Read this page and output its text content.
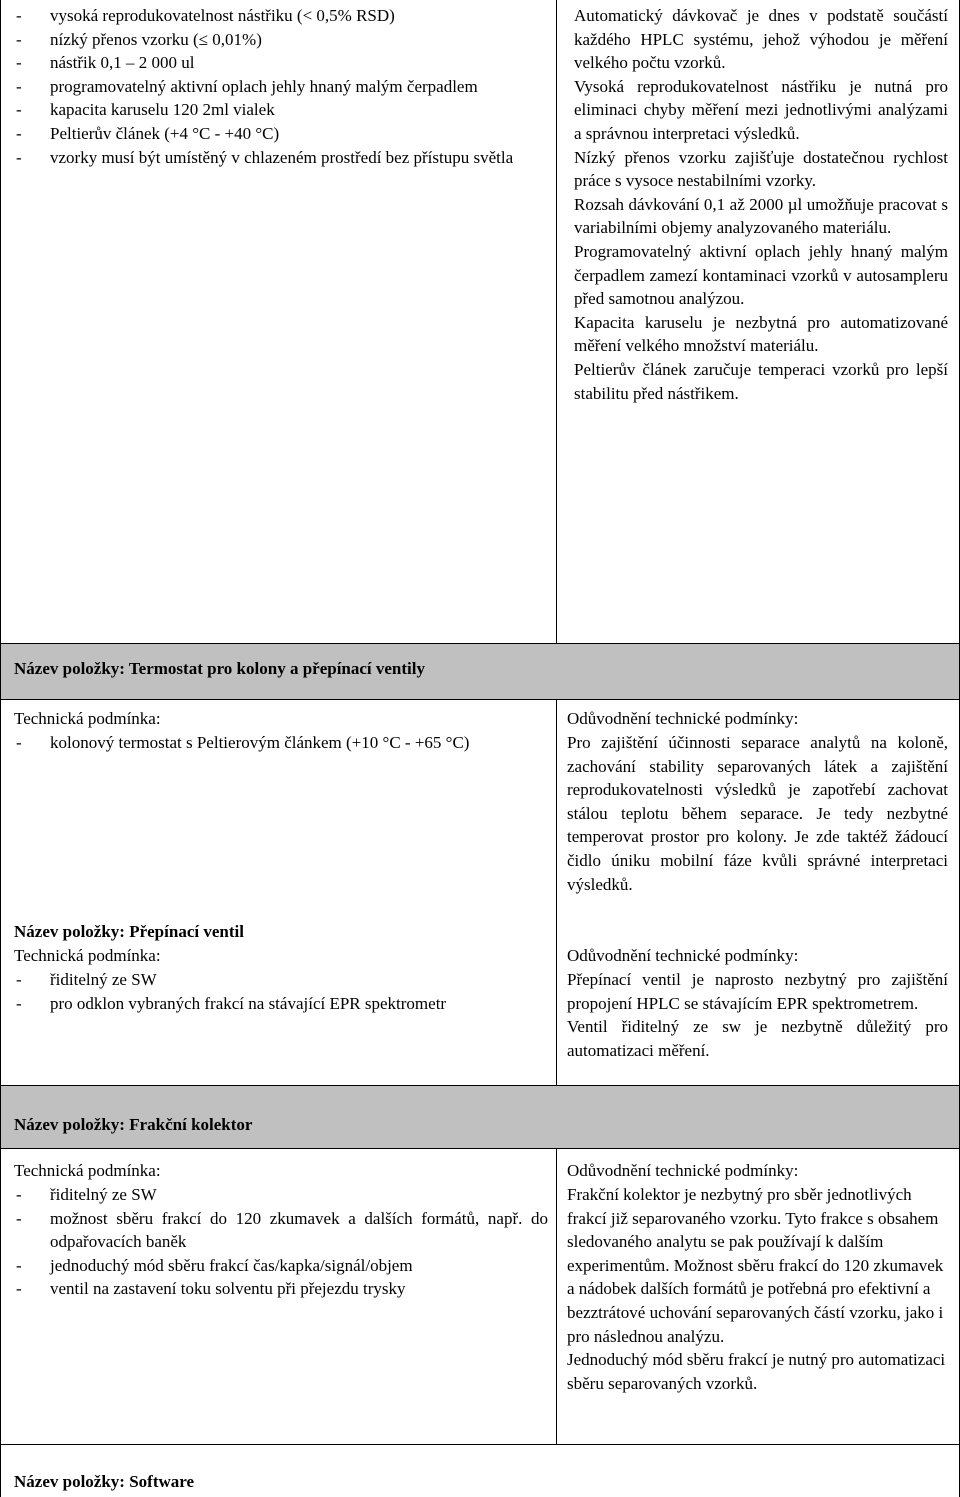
- vysoká reprodukovatelnost nástřiku (< 0,5% RSD)
- nízký přenos vzorku (≤ 0,01%)
- nástřik 0,1 – 2 000 ul
- programovatelný aktivní oplach jehly hnaný malým čerpadlem
- kapacita karuselu 120 2ml vialek
- Peltierův článek (+4 °C - +40 °C)
- vzorky musí být umístěný v chlazeném prostředí bez přístupu světla

Automatický dávkovač je dnes v podstatě součástí každého HPLC systému, jehož výhodou je měření velkého počtu vzorků.

Vysoká reprodukovatelnost nástřiku je nutná pro eliminaci chyby měření mezi jednotlivými analýzami a správnou interpretaci výsledků.

Nízký přenos vzorku zajišťuje dostatečnou rychlost práce s vysoce nestabilními vzorky.

Rozsah dávkování 0,1 až 2000 µl umožňuje pracovat s variabilními objemy analyzovaného materiálu.

Programovatelný aktivní oplach jehly hnaný malým čerpadlem zamezí kontaminaci vzorků v autosampleru před samotnou analýzou.

Kapacita karuselu je nezbytná pro automatizované měření velkého množství materiálu.

Peltierův článek zaručuje temperaci vzorků pro lepší stabilitu před nástřikem.

Název položky: Termostat pro kolony a přepínací ventily
Technická podmínka:
- kolonový termostat s Peltierovým článkem (+10 °C - +65 °C)
Odůvodnění technické podmínky:

Pro zajištění účinnosti separace analytů na koloně, zachování stability separovaných látek a zajištění reprodukovatelnosti výsledků je zapotřebí zachovat stálou teplotu během separace. Je tedy nezbytné temperovat prostor pro kolony. Je zde taktéž žádoucí čidlo úniku mobilní fáze kvůli správné interpretaci výsledků.

Název položky: Přepínací ventil
Technická podmínka:
- řiditelný ze SW
- pro odklon vybraných frakcí na stávající EPR spektrometr
Odůvodnění technické podmínky:

Přepínací ventil je naprosto nezbytný pro zajištění propojení HPLC se stávajícím EPR spektrometrem.

Ventil řiditelný ze sw je nezbytně důležitý pro automatizaci měření.

Název položky: Frakční kolektor
Technická podmínka:
- řiditelný ze SW
- možnost sběru frakcí do 120 zkumavek a dalších formátů, např. do odpařovacích baněk
- jednoduchý mód sběru frakcí čas/kapka/signál/objem
- ventil na zastavení toku solventu při přejezdu trysky
Odůvodnění technické podmínky:

Frakční kolektor je nezbytný pro sběr jednotlivých frakcí již separovaného vzorku. Tyto frakce s obsahem sledovaného analytu se pak používají k dalším experimentům. Možnost sběru frakcí do 120 zkumavek a nádobek dalších formátů je potřebná pro efektivní a bezztrátové uchování separovaných částí vzorku, jako i pro následnou analýzu.

Jednoduchý mód sběru frakcí je nutný pro automatizaci sběru separovaných vzorků.

Název položky: Software
